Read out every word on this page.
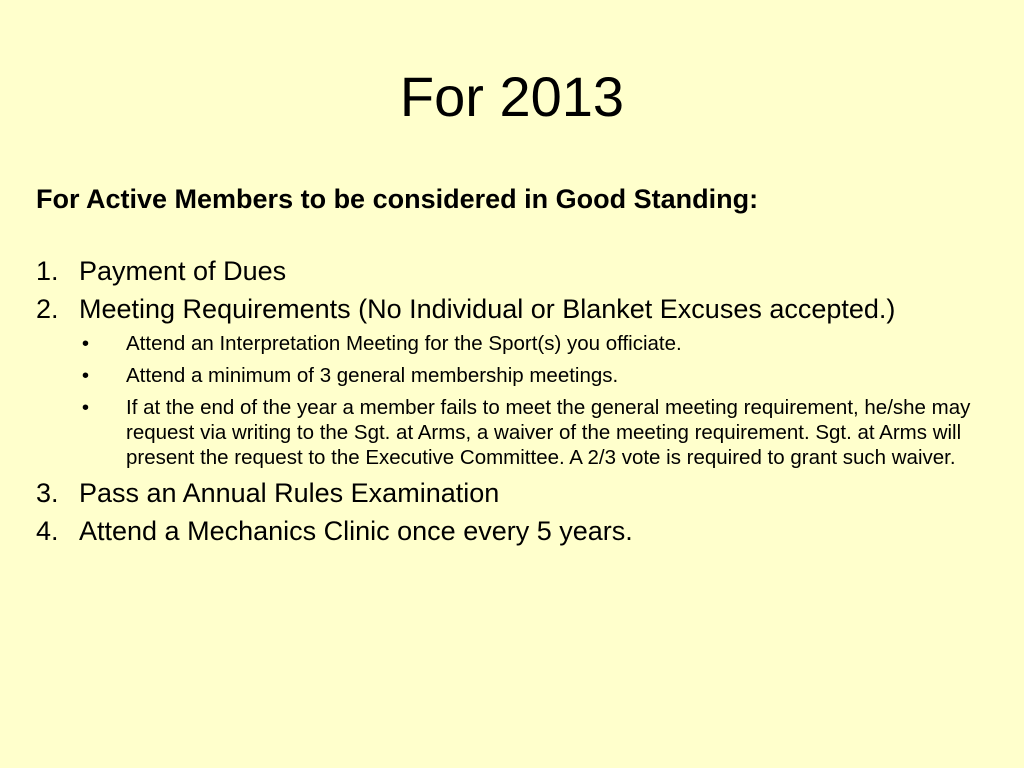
For 2013

For Active Members to be considered in Good Standing:

1. Payment of Dues
2. Meeting Requirements (No Individual or Blanket Excuses accepted.)
•	Attend an Interpretation Meeting for the Sport(s) you officiate.
•	Attend a minimum of 3 general membership meetings.
•	If at the end of the year a member fails to meet the general meeting requirement, he/she may request via writing to the Sgt. at Arms, a waiver of the meeting requirement. Sgt. at Arms will present the request to the Executive Committee. A 2/3 vote is required to grant such waiver.
3. Pass an Annual Rules Examination
4. Attend a Mechanics Clinic once every 5 years.
